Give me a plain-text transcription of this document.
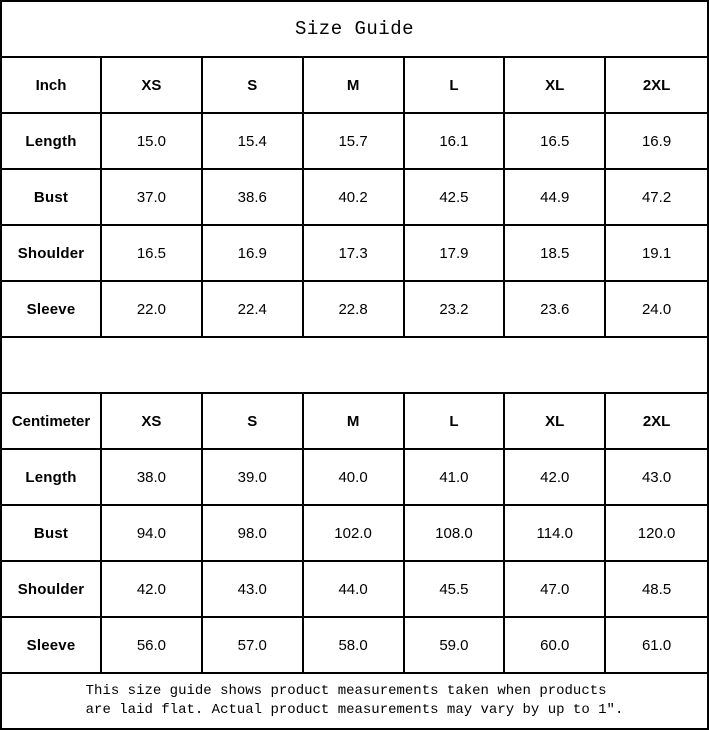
Size Guide
Inch	XS	S	M	L	XL	2XL
Length	15.0	15.4	15.7	16.1	16.5	16.9
Bust	37.0	38.6	40.2	42.5	44.9	47.2
Shoulder	16.5	16.9	17.3	17.9	18.5	19.1
Sleeve	22.0	22.4	22.8	23.2	23.6	24.0
Centimeter	XS	S	M	L	XL	2XL
Length	38.0	39.0	40.0	41.0	42.0	43.0
Bust	94.0	98.0	102.0	108.0	114.0	120.0
Shoulder	42.0	43.0	44.0	45.5	47.0	48.5
Sleeve	56.0	57.0	58.0	59.0	60.0	61.0
This size guide shows product measurements taken when products
are laid flat. Actual product measurements may vary by up to 1″.
